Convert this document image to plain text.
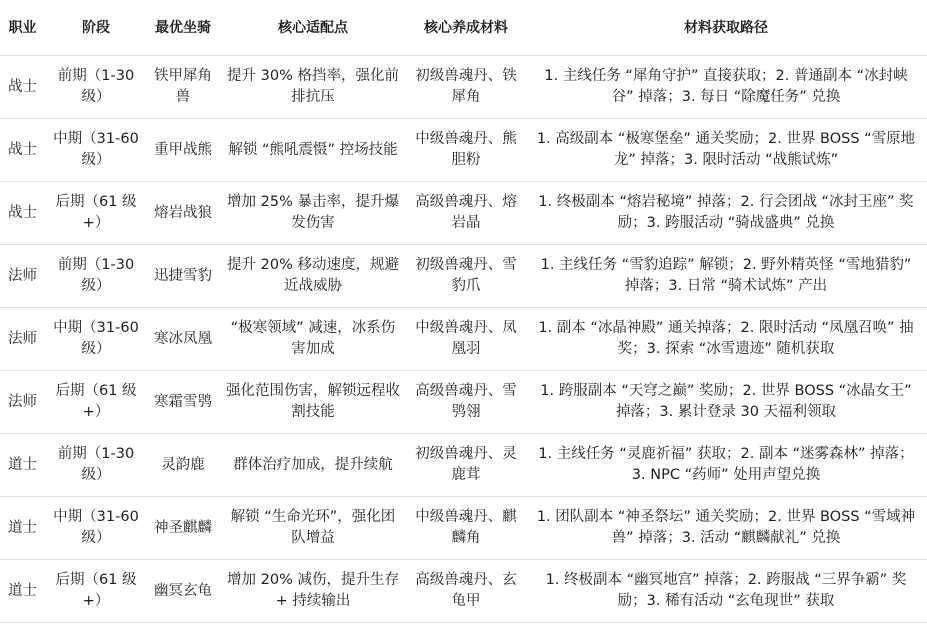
职业	阶段	最优坐骑	核心适配点	核心养成材料	材料获取路径
战士	前期（1-30 级）	铁甲犀角兽	提升 30% 格挡率，强化前排抗压	初级兽魂丹、铁犀角	1. 主线任务 “犀角守护” 直接获取；2. 普通副本 “冰封峡谷” 掉落；3. 每日 “除魔任务” 兑换
战士	中期（31-60 级）	重甲战熊	解锁 “熊吼震慑” 控场技能	中级兽魂丹、熊胆粉	1. 高级副本 “极寒堡垒” 通关奖励；2. 世界 BOSS “雪原地龙” 掉落；3. 限时活动 “战熊试炼”
战士	后期（61 级 +）	熔岩战狼	增加 25% 暴击率，提升爆发伤害	高级兽魂丹、熔岩晶	1. 终极副本 “熔岩秘境” 掉落；2. 行会团战 “冰封王座” 奖励；3. 跨服活动 “骑战盛典” 兑换
法师	前期（1-30 级）	迅捷雪豹	提升 20% 移动速度，规避近战威胁	初级兽魂丹、雪豹爪	1. 主线任务 “雪豹追踪” 解锁；2. 野外精英怪 “雪地猎豹” 掉落；3. 日常 “骑术试炼” 产出
法师	中期（31-60 级）	寒冰凤凰	“极寒领域” 减速，冰系伤害加成	中级兽魂丹、凤凰羽	1. 副本 “冰晶神殿” 通关掉落；2. 限时活动 “凤凰召唤” 抽奖；3. 探索 “冰雪遗迹” 随机获取
法师	后期（61 级 +）	寒霜雪鸮	强化范围伤害，解锁远程收割技能	高级兽魂丹、雪鸮翎	1. 跨服副本 “天穹之巅” 奖励；2. 世界 BOSS “冰晶女王” 掉落；3. 累计登录 30 天福利领取
道士	前期（1-30 级）	灵韵鹿	群体治疗加成，提升续航	初级兽魂丹、灵鹿茸	1. 主线任务 “灵鹿祈福” 获取；2. 副本 “迷雾森林” 掉落；3. NPC “药师” 处用声望兑换
道士	中期（31-60 级）	神圣麒麟	解锁 “生命光环”，强化团队增益	中级兽魂丹、麒麟角	1. 团队副本 “神圣祭坛” 通关奖励；2. 世界 BOSS “雪域神兽” 掉落；3. 活动 “麒麟献礼” 兑换
道士	后期（61 级 +）	幽冥玄龟	增加 20% 减伤，提升生存 + 持续输出	高级兽魂丹、玄龟甲	1. 终极副本 “幽冥地宫” 掉落；2. 跨服战 “三界争霸” 奖励；3. 稀有活动 “玄龟现世” 获取
